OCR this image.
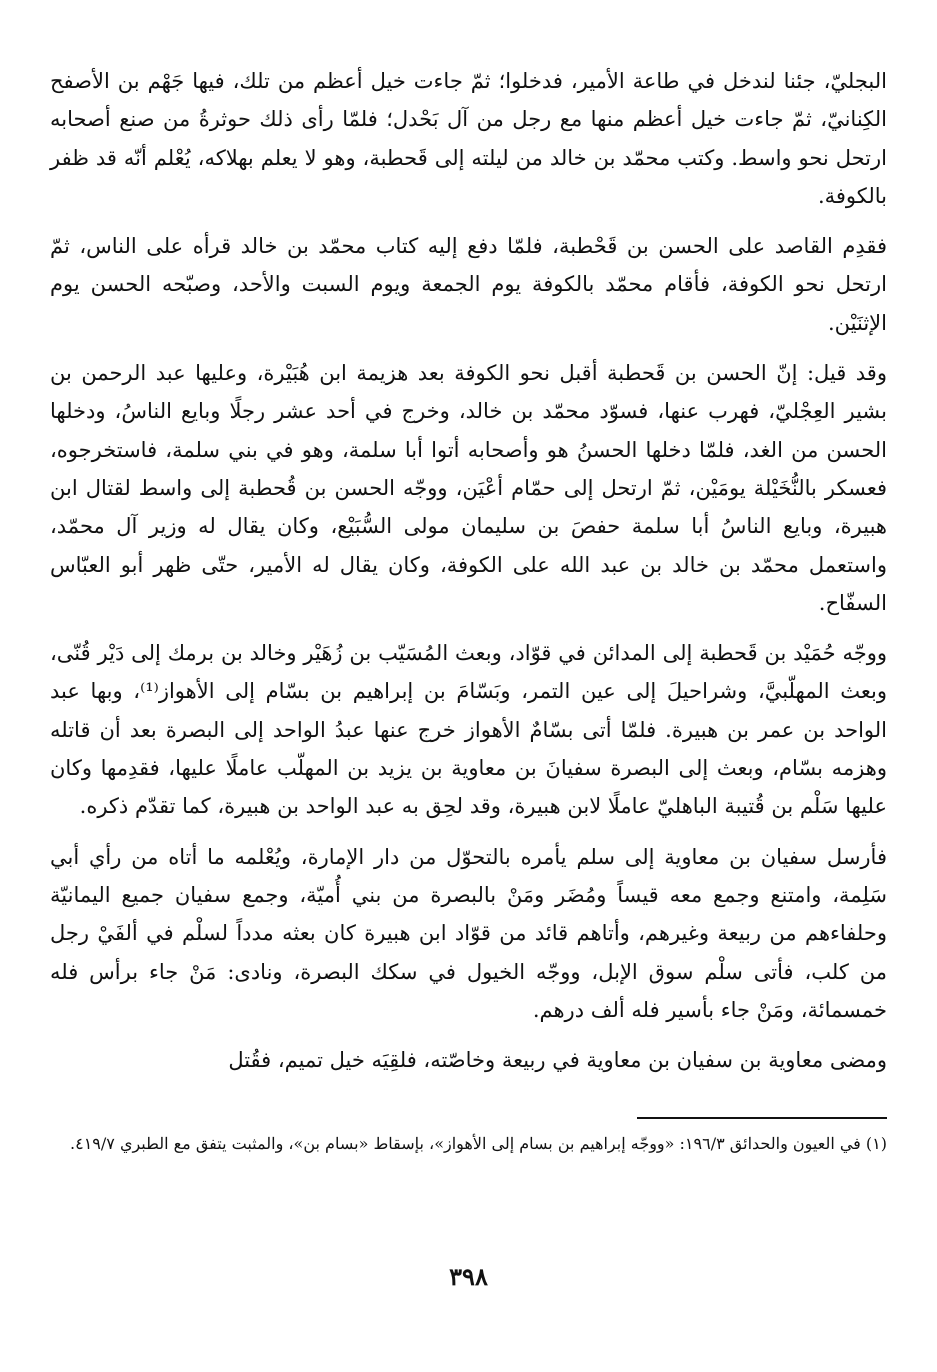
البجليّ، جئنا لندخل في طاعة الأمير، فدخلوا؛ ثمّ جاءت خيل أعظم من تلك، فيها جَهْم بن الأصفح الكِنانيّ، ثمّ جاءت خيل أعظم منها مع رجل من آل بَحْدل؛ فلمّا رأى ذلك حوثرةُ من صنع أصحابه ارتحل نحو واسط. وكتب محمّد بن خالد من ليلته إلى قَحطبة، وهو لا يعلم بهلاكه، يُعْلم أنّه قد ظفر بالكوفة.

فقدِم القاصد على الحسن بن قَحْطبة، فلمّا دفع إليه كتاب محمّد بن خالد قرأه على الناس، ثمّ ارتحل نحو الكوفة، فأقام محمّد بالكوفة يوم الجمعة ويوم السبت والأحد، وصبّحه الحسن يوم الإثنَيْن.

وقد قيل: إنّ الحسن بن قَحطبة أقبل نحو الكوفة بعد هزيمة ابن هُبَيْرة، وعليها عبد الرحمن بن بشير العِجْليّ، فهرب عنها، فسوّد محمّد بن خالد، وخرج في أحد عشر رجلًا وبايع الناسُ، ودخلها الحسن من الغد، فلمّا دخلها الحسنُ هو وأصحابه أتوا أبا سلمة، وهو في بني سلمة، فاستخرجوه، فعسكر بالنُّخَيْلة يومَيْن، ثمّ ارتحل إلى حمّام أعْيَن، ووجّه الحسن بن قُحطبة إلى واسط لقتال ابن هبيرة، وبايع الناسُ أبا سلمة حفصَ بن سليمان مولى السُّبَيْع، وكان يقال له وزير آل محمّد، واستعمل محمّد بن خالد بن عبد الله على الكوفة، وكان يقال له الأمير، حتّى ظهر أبو العبّاس السفّاح.

ووجّه حُمَيْد بن قَحطبة إلى المدائن في قوّاد، وبعث المُسَيّب بن زُهَيْر وخالد بن برمك إلى دَيْر قُنّى، وبعث المهلّبيَّ، وشراحيلَ إلى عين التمر، وبَسّامَ بن إبراهيم بن بسّام إلى الأهواز⁽¹⁾، وبها عبد الواحد بن عمر بن هبيرة. فلمّا أتى بسّامٌ الأهواز خرج عنها عبدُ الواحد إلى البصرة بعد أن قاتله وهزمه بسّام، وبعث إلى البصرة سفيانَ بن معاوية بن يزيد بن المهلّب عاملًا عليها، فقدِمها وكان عليها سَلْم بن قُتيبة الباهليّ عاملًا لابن هبيرة، وقد لحِق به عبد الواحد بن هبيرة، كما تقدّم ذكره.

فأرسل سفيان بن معاوية إلى سلم يأمره بالتحوّل من دار الإمارة، ويُعْلمه ما أتاه من رأي أبي سَلِمة، وامتنع وجمع معه قيساً ومُضَر ومَنْ بالبصرة من بني أُميّة، وجمع سفيان جميع اليمانيّة وحلفاءهم من ربيعة وغيرهم، وأتاهم قائد من قوّاد ابن هبيرة كان بعثه مدداً لسلْم في ألفَيْ رجل من كلب، فأتى سلْم سوق الإبل، ووجّه الخيول في سكك البصرة، ونادى: مَنْ جاء برأس فله خمسمائة، ومَنْ جاء بأسير فله ألف درهم.

ومضى معاوية بن سفيان بن معاوية في ربيعة وخاصّته، فلقِيَه خيل تميم، فقُتل

(١) في العيون والحدائق ١٩٦/٣: «ووجّه إبراهيم بن بسام إلى الأهواز»، بإسقاط «بسام بن»، والمثبت يتفق مع الطبري ٤١٩/٧.

٣٩٨
